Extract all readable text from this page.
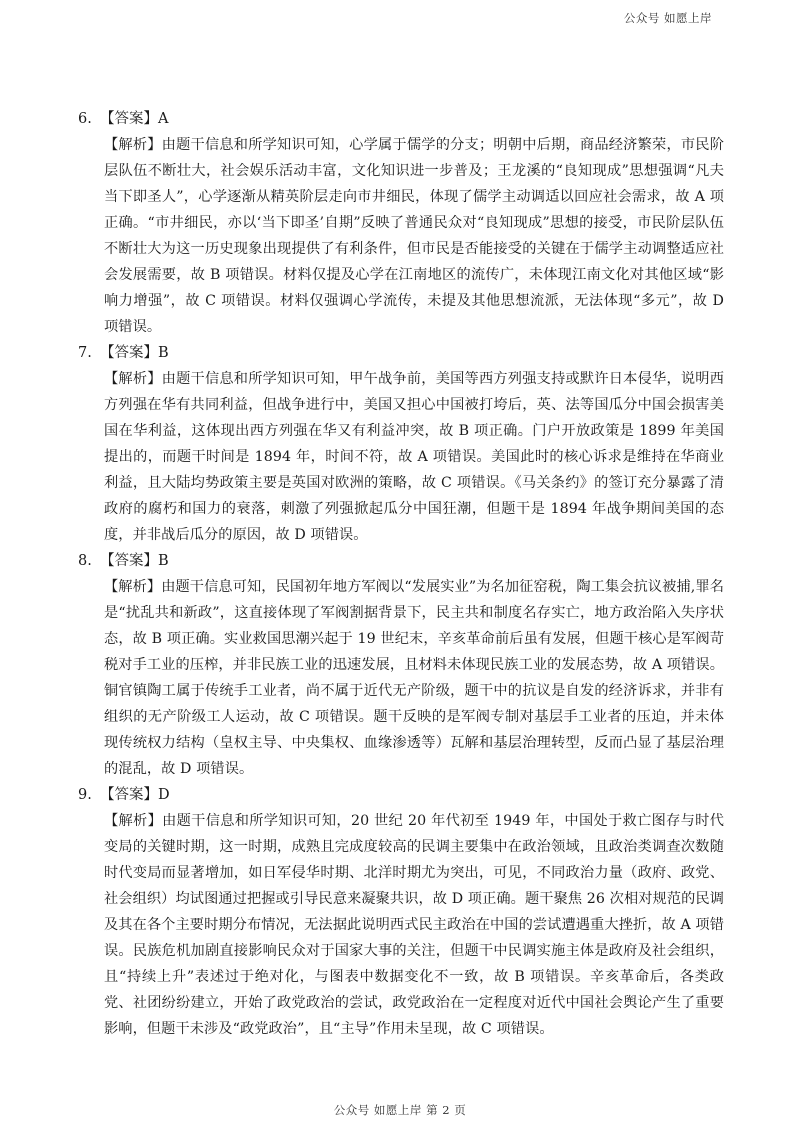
公众号 如愿上岸
6. 【答案】A
【解析】由题干信息和所学知识可知，心学属于儒学的分支；明朝中后期，商品经济繁荣，市民阶层队伍不断壮大，社会娱乐活动丰富，文化知识进一步普及；王龙溪的“良知现成”思想强调“凡夫当下即圣人”，心学逐渐从精英阶层走向市井细民，体现了儒学主动调适以回应社会需求，故 A 项正确。“市井细民，亦以‘当下即圣’自期”反映了普通民众对“良知现成”思想的接受，市民阶层队伍不断壮大为这一历史现象出现提供了有利条件，但市民是否能接受的关键在于儒学主动调整适应社会发展需要，故 B 项错误。材料仅提及心学在江南地区的流传广，未体现江南文化对其他区域“影响力增强”，故 C 项错误。材料仅强调心学流传，未提及其他思想流派，无法体现“多元”，故 D 项错误。
7. 【答案】B
【解析】由题干信息和所学知识可知，甲午战争前，美国等西方列强支持或默许日本侵华，说明西方列强在华有共同利益，但战争进行中，美国又担心中国被打垮后，英、法等国瓜分中国会损害美国在华利益，这体现出西方列强在华又有利益冲突，故 B 项正确。门户开放政策是 1899 年美国提出的，而题干时间是 1894 年，时间不符，故 A 项错误。美国此时的核心诉求是维持在华商业利益，且大陆均势政策主要是英国对欧洲的策略，故 C 项错误。《马关条约》的签订充分暴露了清政府的腐朽和国力的衰落，刺激了列强掀起瓜分中国狂潮，但题干是 1894 年战争期间美国的态度，并非战后瓜分的原因，故 D 项错误。
8. 【答案】B
【解析】由题干信息可知，民国初年地方军阀以“发展实业”为名加征窑税，陶工集会抗议被捕,罪名是“扰乱共和新政”，这直接体现了军阀割据背景下，民主共和制度名存实亡，地方政治陷入失序状态，故 B 项正确。实业救国思潮兴起于 19 世纪末，辛亥革命前后虽有发展，但题干核心是军阀苛税对手工业的压榨，并非民族工业的迅速发展，且材料未体现民族工业的发展态势，故 A 项错误。铜官镇陶工属于传统手工业者，尚不属于近代无产阶级，题干中的抗议是自发的经济诉求，并非有组织的无产阶级工人运动，故 C 项错误。题干反映的是军阀专制对基层手工业者的压迫，并未体现传统权力结构（皇权主导、中央集权、血缘渗透等）瓦解和基层治理转型，反而凸显了基层治理的混乱，故 D 项错误。
9. 【答案】D
【解析】由题干信息和所学知识可知，20 世纪 20 年代初至 1949 年，中国处于救亡图存与时代变局的关键时期，这一时期，成熟且完成度较高的民调主要集中在政治领域，且政治类调查次数随时代变局而显著增加，如日军侵华时期、北洋时期尤为突出，可见，不同政治力量（政府、政党、社会组织）均试图通过把握或引导民意来凝聚共识，故 D 项正确。题干聚焦 26 次相对规范的民调及其在各个主要时期分布情况，无法据此说明西式民主政治在中国的尝试遭遇重大挫折，故 A 项错误。民族危机加剧直接影响民众对于国家大事的关注，但题干中民调实施主体是政府及社会组织，且“持续上升”表述过于绝对化，与图表中数据变化不一致，故 B 项错误。辛亥革命后，各类政党、社团纷纷建立，开始了政党政治的尝试，政党政治在一定程度对近代中国社会舆论产生了重要影响，但题干未涉及“政党政治”，且“主导”作用未呈现，故 C 项错误。
公众号 如愿上岸 第 2 页
